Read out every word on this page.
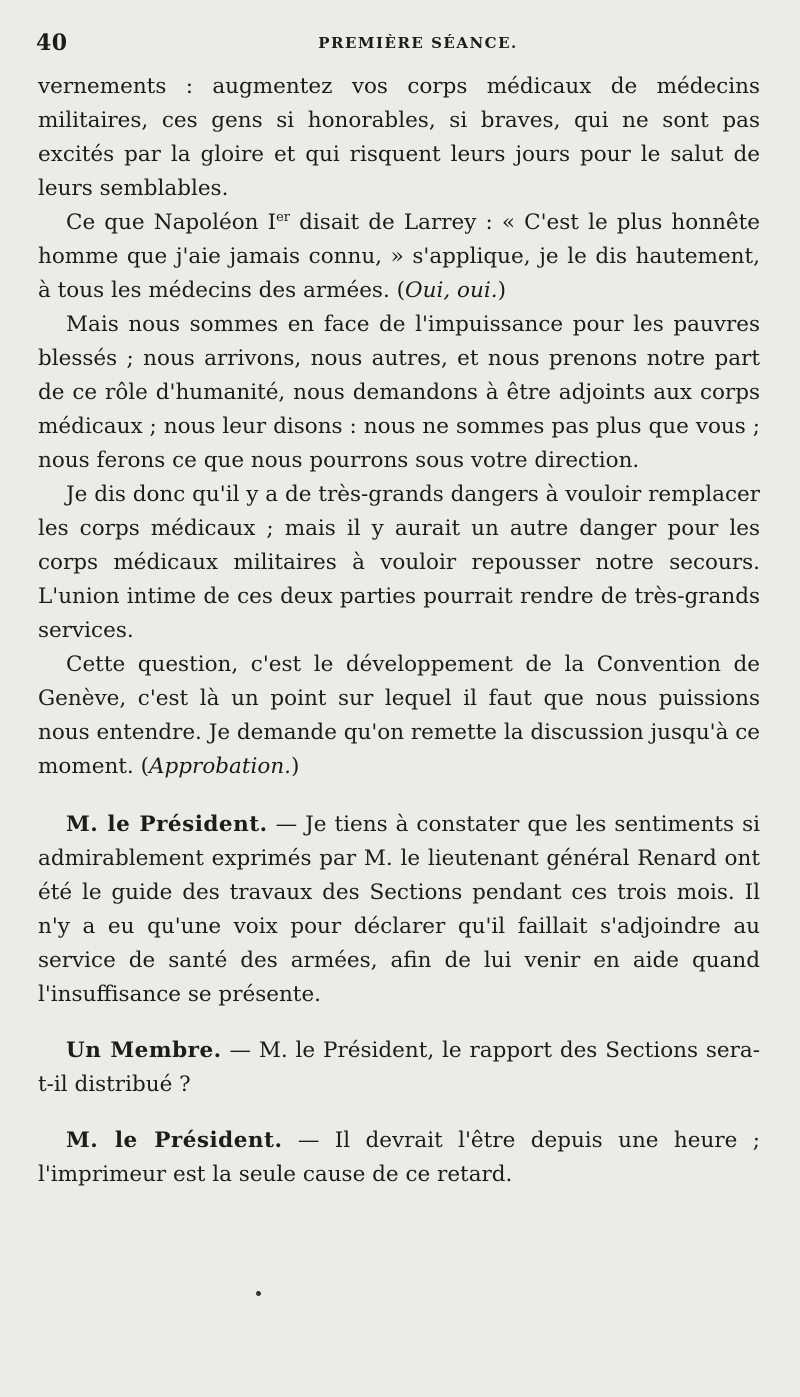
40	PREMIÈRE SÉANCE.

vernements : augmentez vos corps médicaux de médecins militaires, ces gens si honorables, si braves, qui ne sont pas excités par la gloire et qui risquent leurs jours pour le salut de leurs semblables.

Ce que Napoléon Ier disait de Larrey : « C'est le plus honnête homme que j'aie jamais connu, » s'applique, je le dis hautement, à tous les médecins des armées. (Oui, oui.)

Mais nous sommes en face de l'impuissance pour les pauvres blessés ; nous arrivons, nous autres, et nous prenons notre part de ce rôle d'humanité, nous demandons à être adjoints aux corps médicaux ; nous leur disons : nous ne sommes pas plus que vous ; nous ferons ce que nous pourrons sous votre direction.

Je dis donc qu'il y a de très-grands dangers à vouloir remplacer les corps médicaux ; mais il y aurait un autre danger pour les corps médicaux militaires à vouloir repousser notre secours. L'union intime de ces deux parties pourrait rendre de très-grands services.

Cette question, c'est le développement de la Convention de Genève, c'est là un point sur lequel il faut que nous puissions nous entendre. Je demande qu'on remette la discussion jusqu'à ce moment. (Approbation.)

M. le Président. — Je tiens à constater que les sentiments si admirablement exprimés par M. le lieutenant général Renard ont été le guide des travaux des Sections pendant ces trois mois. Il n'y a eu qu'une voix pour déclarer qu'il faillait s'adjoindre au service de santé des armées, afin de lui venir en aide quand l'insuffisance se présente.

Un Membre. — M. le Président, le rapport des Sections sera-t-il distribué ?

M. le Président. — Il devrait l'être depuis une heure ; l'imprimeur est la seule cause de ce retard.
